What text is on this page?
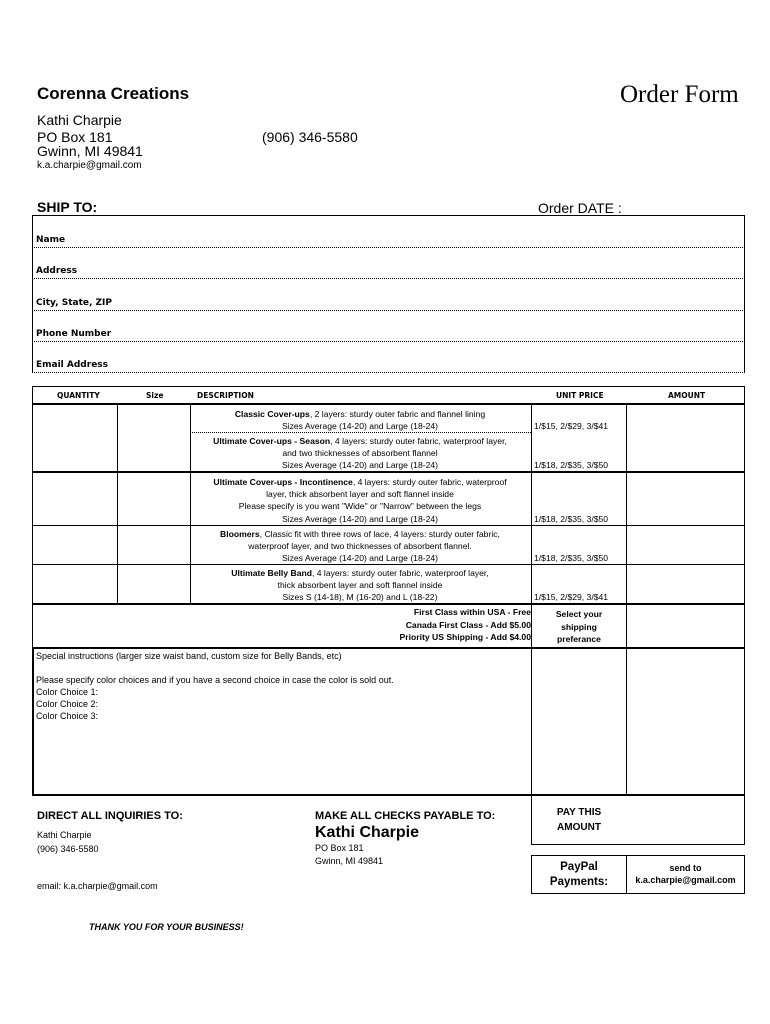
Corenna Creations	Order Form
Kathi Charpie
PO Box 181	(906) 346-5580
Gwinn, MI 49841
k.a.charpie@gmail.com
SHIP TO:	Order DATE :
Name
Address
City, State, ZIP
Phone Number
Email Address
QUANTITY	Size	DESCRIPTION	UNIT PRICE	AMOUNT
Classic Cover-ups, 2 layers: sturdy outer fabric and flannel lining
Sizes Average (14-20) and Large (18-24)	1/$15, 2/$29, 3/$41
Ultimate Cover-ups - Season, 4 layers: sturdy outer fabric, waterproof layer,
and two thicknesses of absorbent flannel
Sizes Average (14-20) and Large (18-24)	1/$18, 2/$35, 3/$50
Ultimate Cover-ups - Incontinence, 4 layers: sturdy outer fabric, waterproof
layer, thick absorbent layer and soft flannel inside
Please specify is you want "Wide" or "Narrow" between the legs
Sizes Average (14-20) and Large (18-24)	1/$18, 2/$35, 3/$50
Bloomers, Classic fit with three rows of lace, 4 layers: sturdy outer fabric,
waterproof layer, and two thicknesses of absorbent flannel.
Sizes Average (14-20) and Large (18-24)	1/$18, 2/$35, 3/$50
Ultimate Belly Band, 4 layers: sturdy outer fabric, waterproof layer,
thick absorbent layer and soft flannel inside
Sizes S (14-18), M (16-20) and L (18-22)	1/$15, 2/$29, 3/$41
First Class within USA - Free
Canada First Class - Add $5.00
Priority US Shipping - Add $4.00
Select your
shipping
preferance
Special instructions (larger size waist band, custom size for Belly Bands, etc)
Please specify color choices and if you have a second choice in case the color is sold out.
Color Choice 1:
Color Choice 2:
Color Choice 3:
DIRECT ALL INQUIRIES TO:
Kathi Charpie
(906) 346-5580
email: k.a.charpie@gmail.com
MAKE ALL CHECKS PAYABLE TO:
Kathi Charpie
PO Box 181
Gwinn, MI 49841
PAY THIS
AMOUNT
PayPal
Payments:
send to
k.a.charpie@gmail.com
THANK YOU FOR YOUR BUSINESS!
